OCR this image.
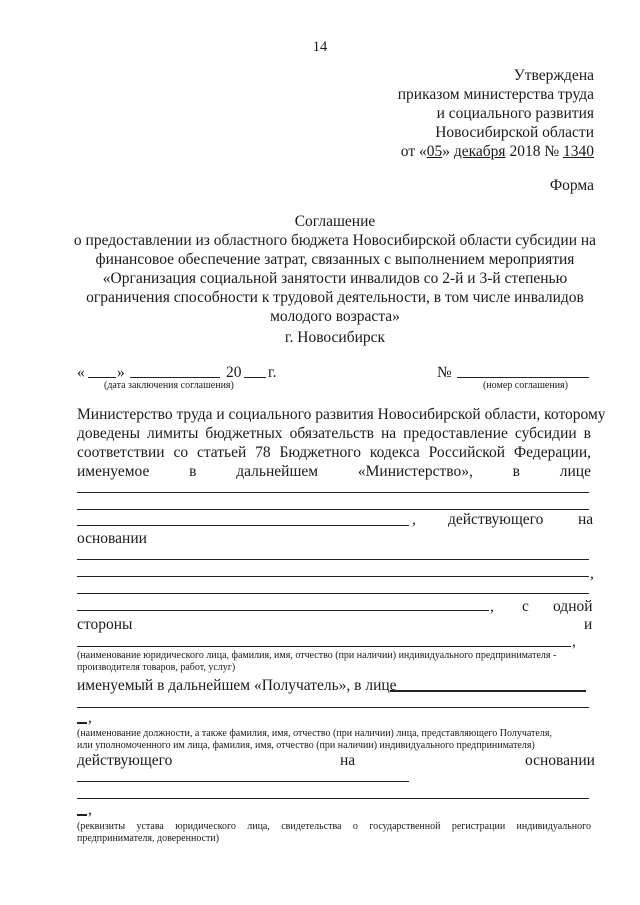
14
Утверждена
приказом министерства труда
и социального развития
Новосибирской области
от «05» декабря 2018 № 1340
Форма
Соглашение
о предоставлении из областного бюджета Новосибирской области субсидии на
финансовое обеспечение затрат, связанных с выполнением мероприятия
«Организация социальной занятости инвалидов со 2-й и 3-й степенью
ограничения способности к трудовой деятельности, в том числе инвалидов
молодого возраста»
г. Новосибирск
« »	20 г.	№
(дата заключения соглашения)	(номер соглашения)
Министерство труда и социального развития Новосибирской области, которому
доведены лимиты бюджетных обязательств на предоставление субсидии в
соответствии со статьей 78 Бюджетного кодекса Российской Федерации,
именуемое	в	дальнейшем	«Министерство»,	в	лице
, действующего на
основании
,
, с одной
стороны	и
,
(наименование юридического лица, фамилия, имя, отчество (при наличии) индивидуального предпринимателя -
производителя товаров, работ, услуг)
именуемый в дальнейшем «Получатель», в лице
,
(наименование должности, а также фамилия, имя, отчество (при наличии) лица, представляющего Получателя,
или уполномоченного им лица, фамилия, имя, отчество (при наличии) индивидуального предпринимателя)
действующего	на	основании
,
(реквизиты устава юридического лица, свидетельства о государственной регистрации индивидуального
предпринимателя, доверенности)
